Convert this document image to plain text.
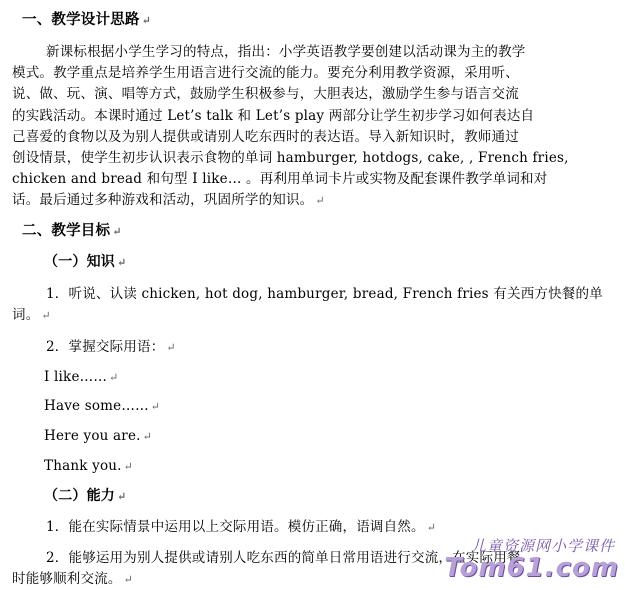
一、教学设计思路 ↵
新课标根据小学生学习的特点，指出：小学英语教学要创建以活动课为主的教学
模式。教学重点是培养学生用语言进行交流的能力。要充分利用教学资源，采用听、
说、做、玩、演、唱等方式，鼓励学生积极参与，大胆表达，激励学生参与语言交流
的实践活动。本课时通过 Let’s talk 和 Let’s play 两部分让学生初步学习如何表达自
己喜爱的食物以及为别人提供或请别人吃东西时的表达语。导入新知识时，教师通过
创设情景，使学生初步认识表示食物的单词 hamburger, hotdogs, cake, , French fries,
chicken and bread 和句型 I like… 。再利用单词卡片或实物及配套课件教学单词和对
话。最后通过多种游戏和活动，巩固所学的知识。 ↵
二、教学目标 ↵
（一）知识 ↵
1．听说、认读 chicken, hot dog, hamburger, bread, French fries 有关西方快餐的单
词。 ↵
2．掌握交际用语： ↵
I like…… ↵
Have some…… ↵
Here you are. ↵
Thank you. ↵
（二）能力 ↵
1．能在实际情景中运用以上交际用语。模仿正确，语调自然。 ↵
2．能够运用为别人提供或请别人吃东西的简单日常用语进行交流，在实际用餐
时能够顺利交流。 ↵
儿童资源网小学课件
Tom61.com
